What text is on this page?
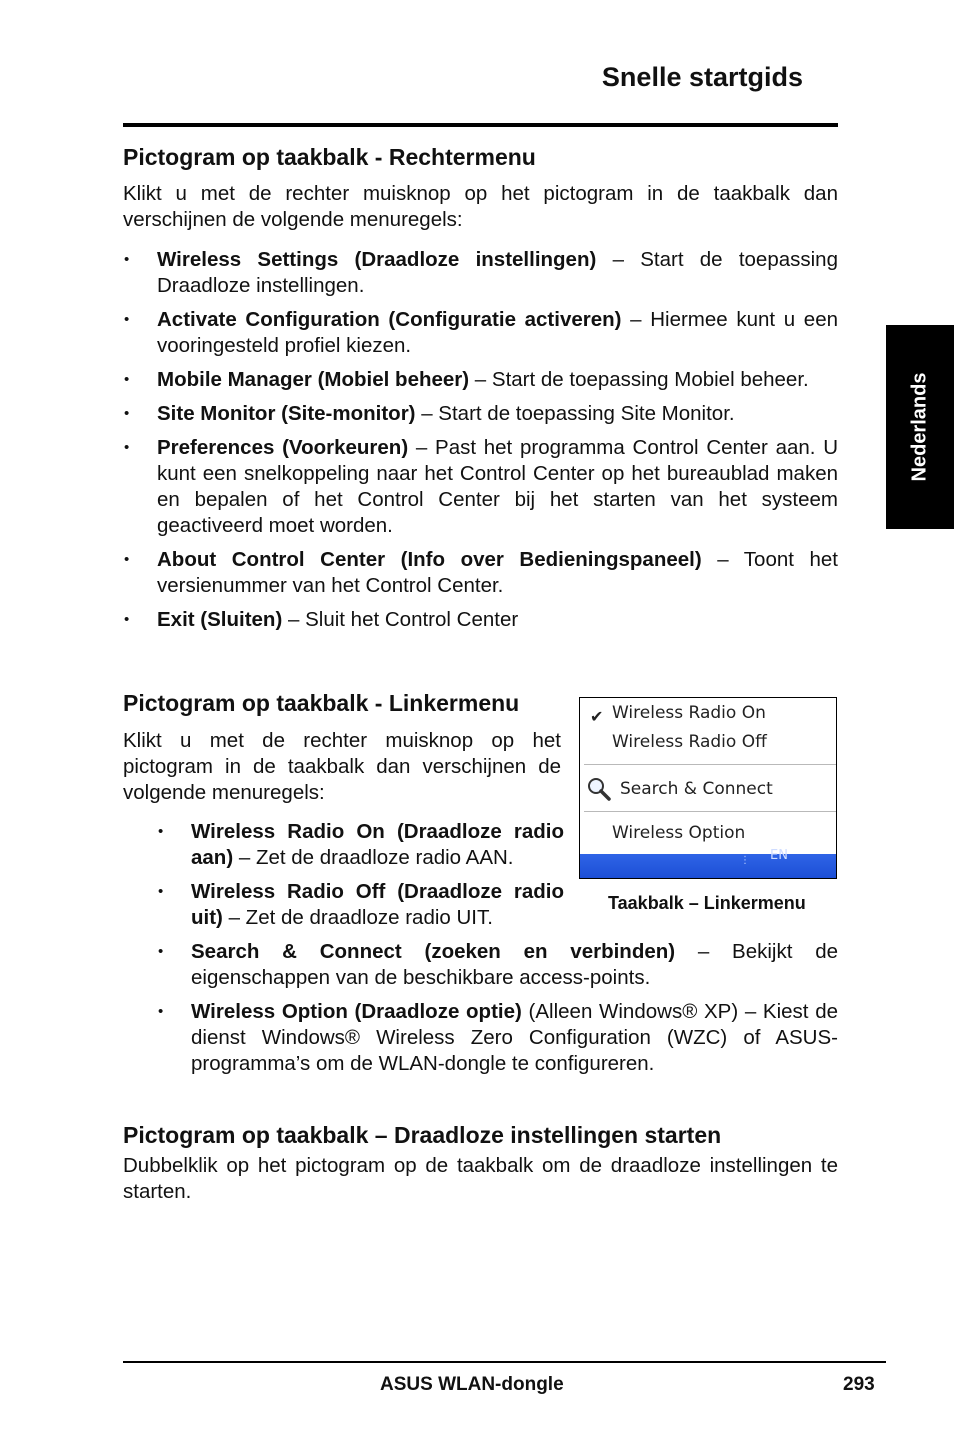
Snelle startgids
Nederlands
Pictogram op taakbalk - Rechtermenu

Klikt u met de rechter muisknop op het pictogram in de taakbalk dan verschijnen de volgende menuregels:

• Wireless Settings (Draadloze instellingen) – Start de toepassing Draadloze instellingen.
• Activate Configuration (Configuratie activeren) – Hiermee kunt u een vooringesteld profiel kiezen.
• Mobile Manager (Mobiel beheer) – Start de toepassing Mobiel beheer.
• Site Monitor (Site-monitor) – Start de toepassing Site Monitor.
• Preferences (Voorkeuren) – Past het programma Control Center aan. U kunt een snelkoppeling naar het Control Center op het bureaublad maken en bepalen of het Control Center bij het starten van het systeem geactiveerd moet worden.
• About Control Center (Info over Bedieningspaneel) – Toont het versienummer van het Control Center.
• Exit (Sluiten) – Sluit het Control Center
Pictogram op taakbalk - Linkermenu

Klikt u met de rechter muisknop op het pictogram in de taakbalk dan verschijnen de volgende menuregels:

• Wireless Radio On (Draadloze radio aan) – Zet de draadloze radio AAN.
• Wireless Radio Off (Draadloze radio uit) – Zet de draadloze radio UIT.
• Search & Connect (zoeken en verbinden) – Bekijkt de eigenschappen van de beschikbare access-points.
• Wireless Option (Draadloze optie) (Alleen Windows® XP) – Kiest de dienst Windows® Wireless Zero Configuration (WZC) of ASUS-programma’s om de WLAN-dongle te configureren.
✔ Wireless Radio On
Wireless Radio Off
Search & Connect
Wireless Option
⋮ EN
Taakbalk – Linkermenu
Pictogram op taakbalk – Draadloze instellingen starten

Dubbelklik op het pictogram op de taakbalk om de draadloze instellingen te starten.

ASUS WLAN-dongle	293
